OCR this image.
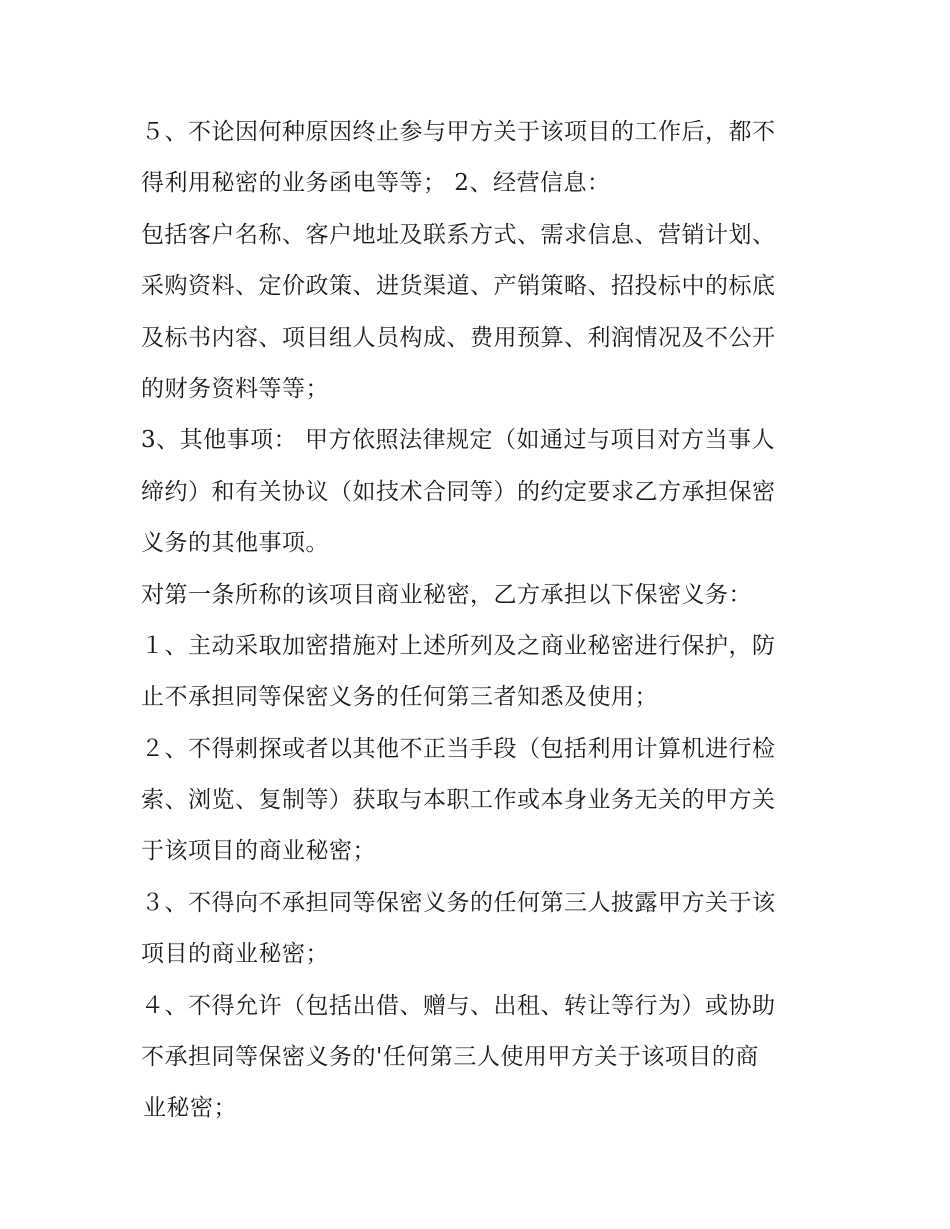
５、不论因何种原因终止参与甲方关于该项目的工作后，都不
得利用秘密的业务函电等等； 2、经营信息：
包括客户名称、客户地址及联系方式、需求信息、营销计划、
采购资料、定价政策、进货渠道、产销策略、招投标中的标底
及标书内容、项目组人员构成、费用预算、利润情况及不公开
的财务资料等等；
3、其他事项： 甲方依照法律规定（如通过与项目对方当事人
缔约）和有关协议（如技术合同等）的约定要求乙方承担保密
义务的其他事项。
对第一条所称的该项目商业秘密，乙方承担以下保密义务：
１、主动采取加密措施对上述所列及之商业秘密进行保护，防
止不承担同等保密义务的任何第三者知悉及使用；
２、不得刺探或者以其他不正当手段（包括利用计算机进行检
索、浏览、复制等）获取与本职工作或本身业务无关的甲方关
于该项目的商业秘密；
３、不得向不承担同等保密义务的任何第三人披露甲方关于该
项目的商业秘密；
４、不得允许（包括出借、赠与、出租、转让等行为）或协助
不承担同等保密义务的'任何第三人使用甲方关于该项目的商
业秘密；
